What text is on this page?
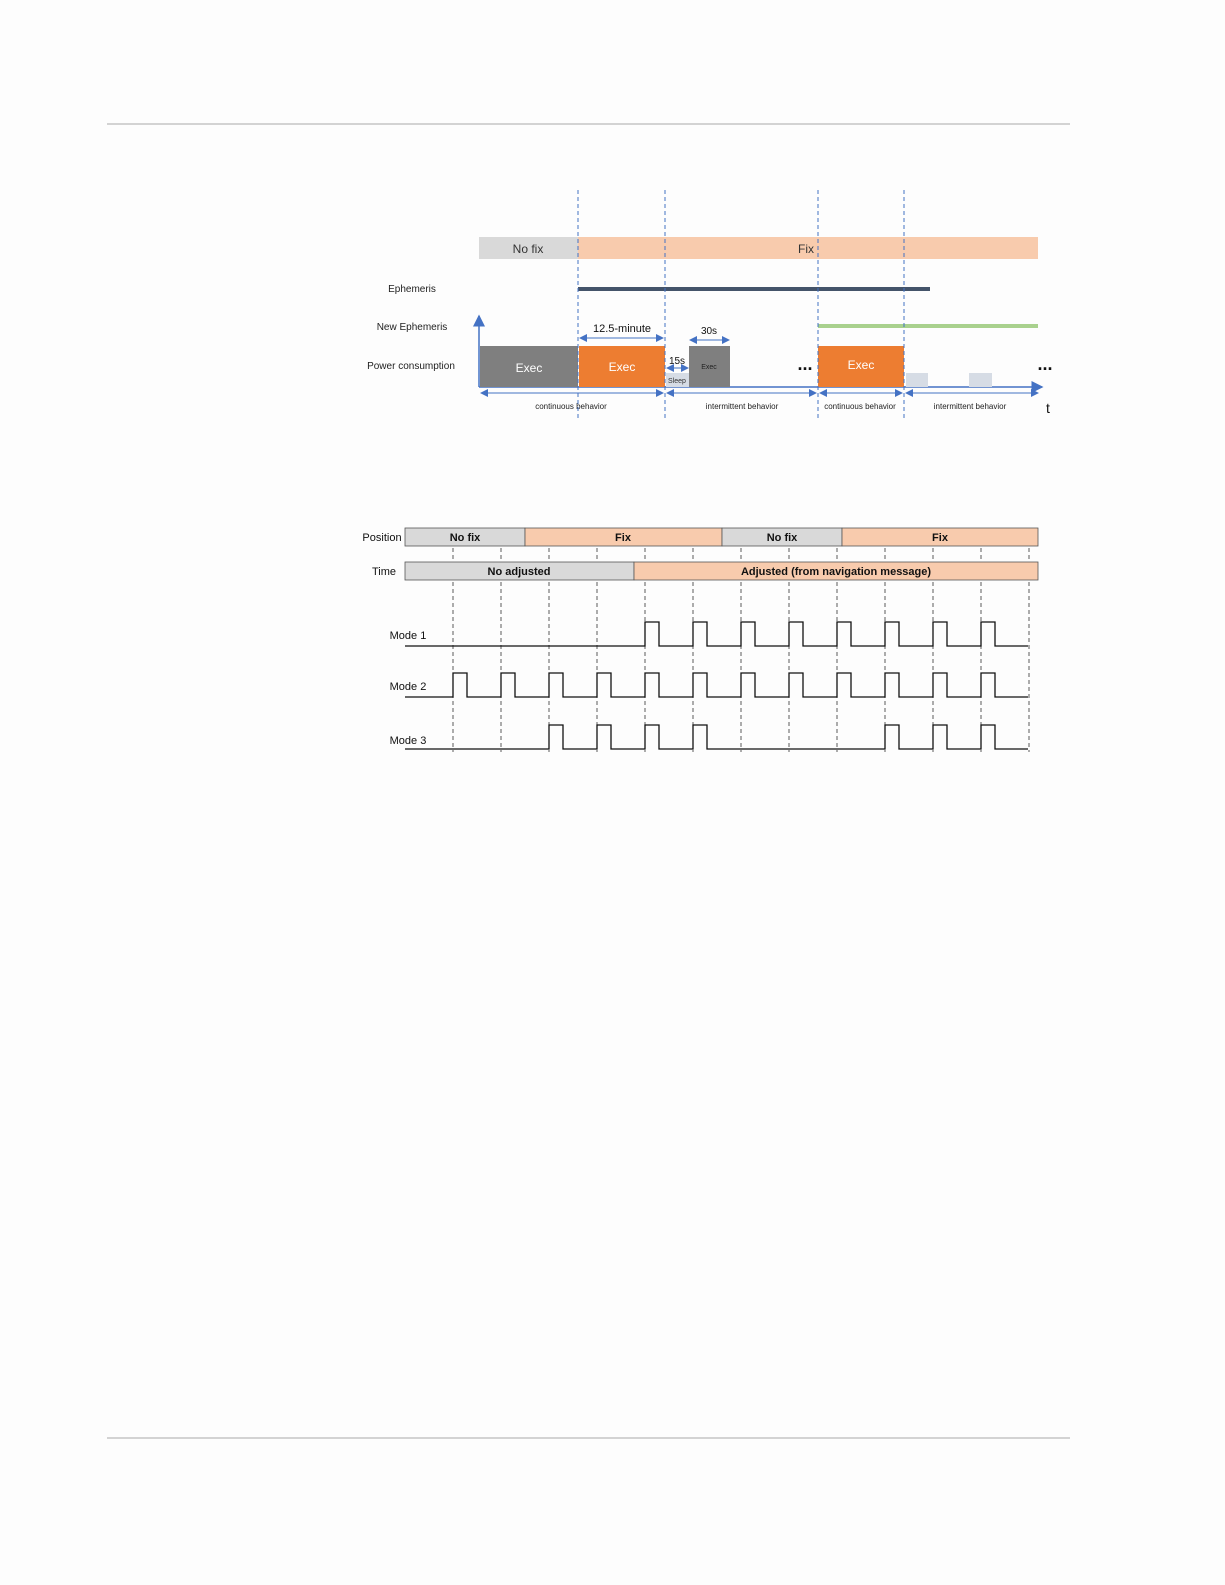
No fix	Fix
Ephemeris
New Ephemeris
Power consumption	Exec	Exec
Sleep
Exec	Exec
...	...
12.5-minute	30s
15s
continuous behavior	intermittent behavior	continuous behavior	intermittent behavior	t
Position
Time
No fix	Fix	No fix	Fix
No adjusted	Adjusted (from navigation message)
Mode 1
Mode 2
Mode 3
